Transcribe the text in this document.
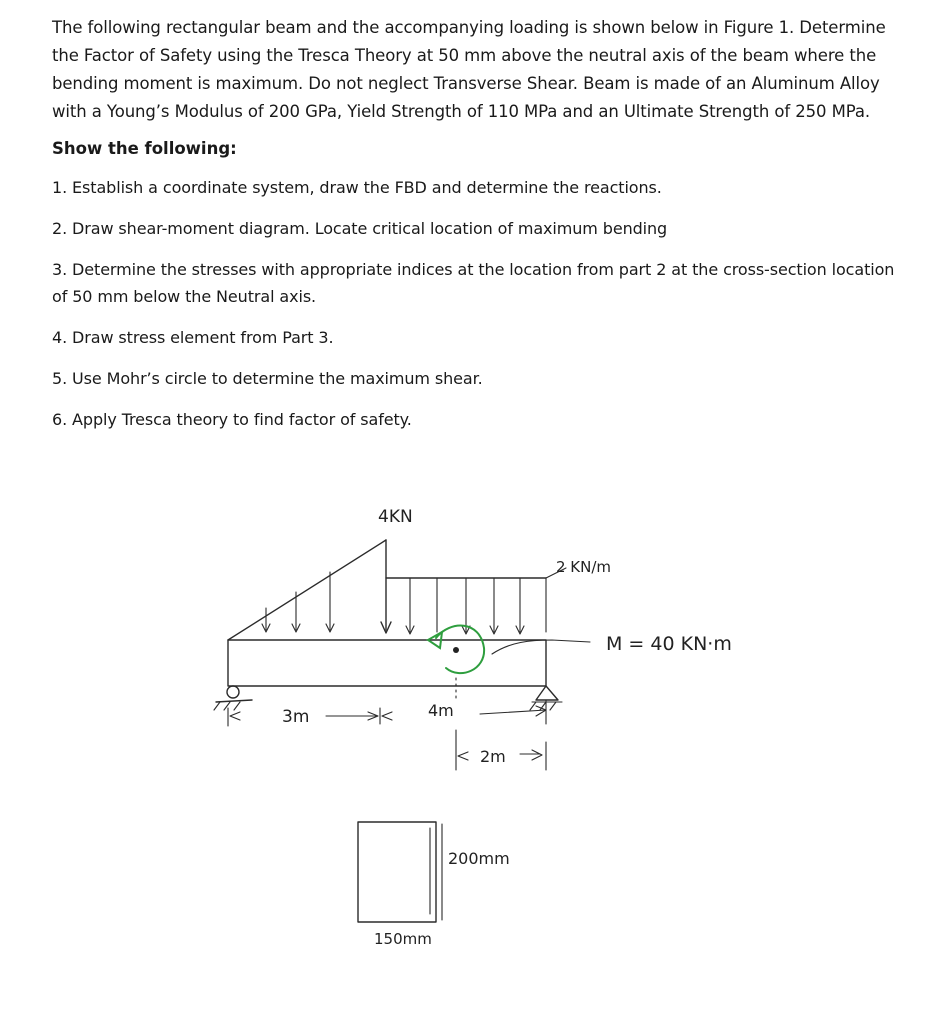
The following rectangular beam and the accompanying loading is shown below in Figure 1. Determine the Factor of Safety using the Tresca Theory at 50 mm above the neutral axis of the beam where the bending moment is maximum. Do not neglect Transverse Shear. Beam is made of an Aluminum Alloy with a Young’s Modulus of 200 GPa, Yield Strength of 110 MPa and an Ultimate Strength of 250 MPa.

Show the following:

1. Establish a coordinate system, draw the FBD and determine the reactions.

2. Draw shear-moment diagram. Locate critical location of maximum bending

3. Determine the stresses with appropriate indices at the location from part 2 at the cross-section location of 50 mm below the Neutral axis.

4. Draw stress element from Part 3.

5. Use Mohr’s circle to determine the maximum shear.

6. Apply Tresca theory to find factor of safety.

4KN
2 KN/m
M = 40 KN·m
3m	4m
2m
200mm
150mm
